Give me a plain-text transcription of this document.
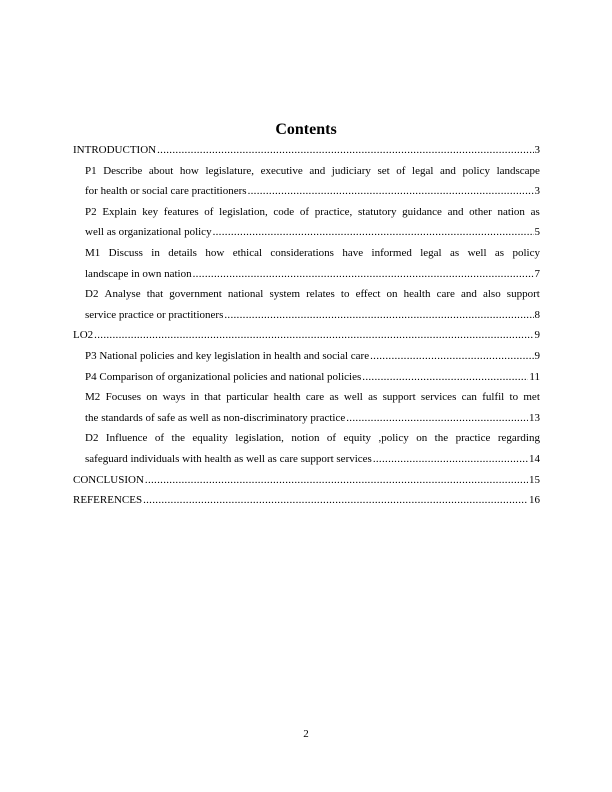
Contents
INTRODUCTION .....	3
P1 Describe about how legislature, executive and judiciary set of legal and policy landscape
for health or social care practitioners .....	3
P2 Explain key features of legislation, code of practice, statutory guidance and other nation as
well as organizational policy .....	5
M1 Discuss in details how ethical considerations have informed legal as well as policy
landscape in own nation .....	7
D2 Analyse that government national system relates to effect on health care and also support
service practice or practitioners .....	8
LO2 .....	9
P3 National policies and key legislation in health and social care .....	9
P4 Comparison of organizational policies and national policies .....	11
M2 Focuses on ways in that particular health care as well as support services can fulfil to met
the standards of safe as well as non-discriminatory practice .....	13
D2 Influence of the equality legislation, notion of equity ,policy on the practice regarding
safeguard individuals with health as well as care support services .....	14
CONCLUSION .....	15
REFERENCES .....	16
2
